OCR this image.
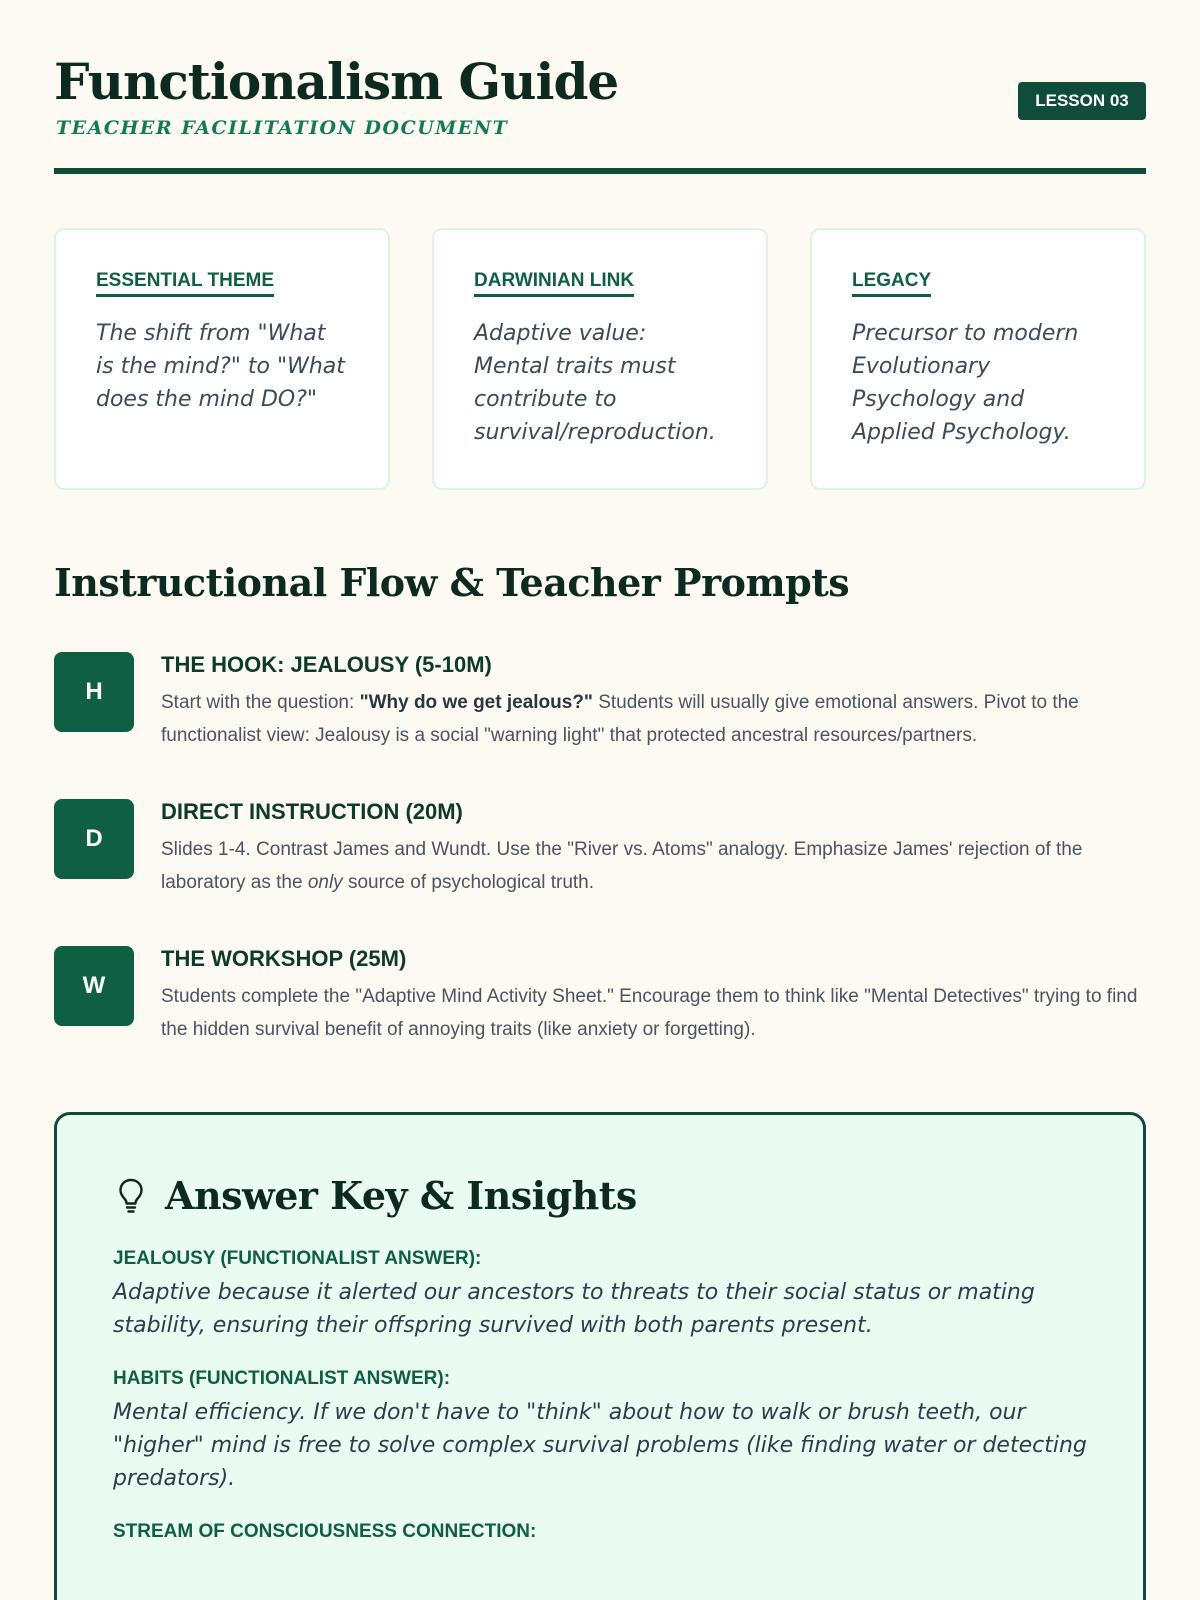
Functionalism Guide
TEACHER FACILITATION DOCUMENT
LESSON 03
ESSENTIAL THEME
The shift from "What is the mind?" to "What does the mind DO?"
DARWINIAN LINK
Adaptive value: Mental traits must contribute to survival/reproduction.
LEGACY
Precursor to modern Evolutionary Psychology and Applied Psychology.
Instructional Flow & Teacher Prompts
H
THE HOOK: JEALOUSY (5-10M)
Start with the question: "Why do we get jealous?" Students will usually give emotional answers. Pivot to the functionalist view: Jealousy is a social "warning light" that protected ancestral resources/partners.
D
DIRECT INSTRUCTION (20M)
Slides 1-4. Contrast James and Wundt. Use the "River vs. Atoms" analogy. Emphasize James' rejection of the laboratory as the only source of psychological truth.
W
THE WORKSHOP (25M)
Students complete the "Adaptive Mind Activity Sheet." Encourage them to think like "Mental Detectives" trying to find the hidden survival benefit of annoying traits (like anxiety or forgetting).
Answer Key & Insights
JEALOUSY (FUNCTIONALIST ANSWER):
Adaptive because it alerted our ancestors to threats to their social status or mating stability, ensuring their offspring survived with both parents present.
HABITS (FUNCTIONALIST ANSWER):
Mental efficiency. If we don't have to "think" about how to walk or brush teeth, our "higher" mind is free to solve complex survival problems (like finding water or detecting predators).
STREAM OF CONSCIOUSNESS CONNECTION:
